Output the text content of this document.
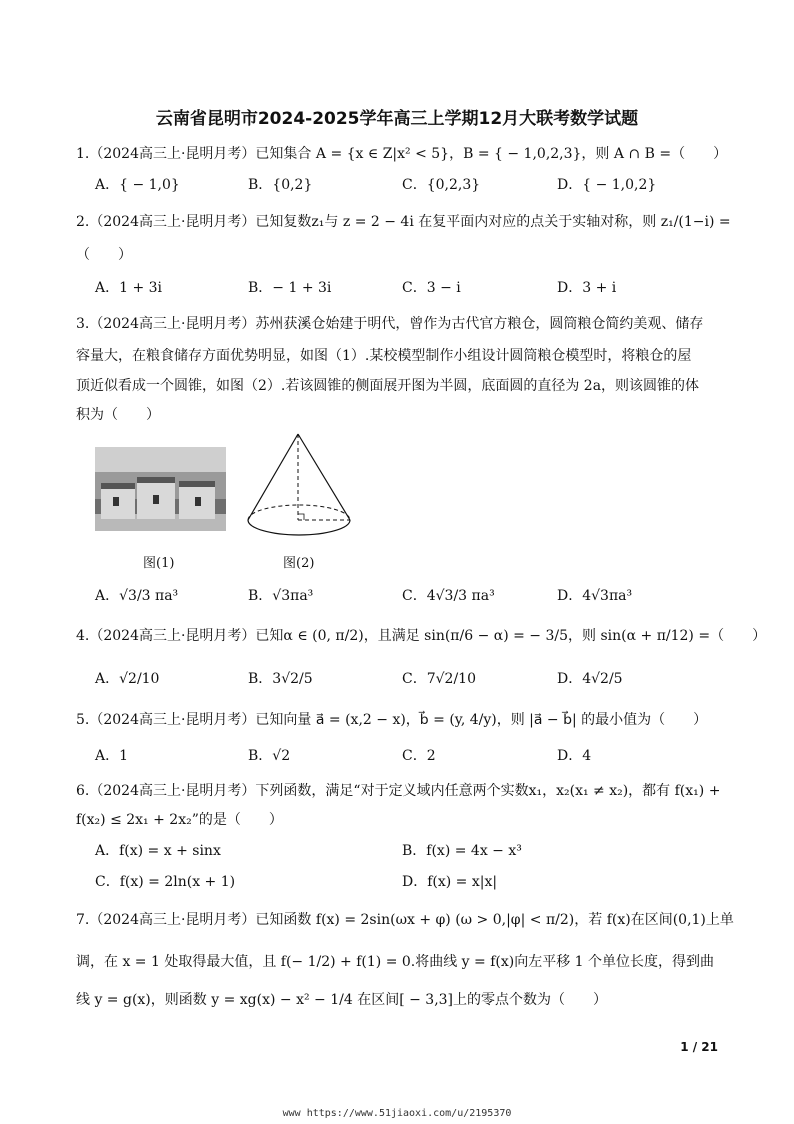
云南省昆明市2024-2025学年高三上学期12月大联考数学试题
1.（2024高三上·昆明月考）已知集合 A = {x ∈ Z|x² < 5}，B = { − 1,0,2,3}，则 A ∩ B =（　　）
A．{ − 1,0}	B．{0,2}	C．{0,2,3}	D．{ − 1,0,2}
2.（2024高三上·昆明月考）已知复数z₁与 z = 2 − 4i 在复平面内对应的点关于实轴对称，则 z₁/(1−i) =
（　　）
A．1 + 3i	B．− 1 + 3i	C．3 − i	D．3 + i
3.（2024高三上·昆明月考）苏州获溪仓始建于明代，曾作为古代官方粮仓，圆筒粮仓简约美观、储存
容量大，在粮食储存方面优势明显，如图（1）.某校模型制作小组设计圆筒粮仓模型时，将粮仓的屋
顶近似看成一个圆锥，如图（2）.若该圆锥的侧面展开图为半圆，底面圆的直径为 2a，则该圆锥的体
积为（　　）
图(1)	图(2)
A．√3/3 πa³	B．√3πa³	C．4√3/3 πa³	D．4√3πa³
4.（2024高三上·昆明月考）已知α ∈ (0, π/2)，且满足 sin(π/6 − α) = − 3/5，则 sin(α + π/12) =（　　）
A．√2/10	B．3√2/5	C．7√2/10	D．4√2/5
5.（2024高三上·昆明月考）已知向量 a⃗ = (x,2 − x)，b⃗ = (y, 4/y)，则 |a⃗ − b⃗| 的最小值为（　　）
A．1	B．√2	C．2	D．4
6.（2024高三上·昆明月考）下列函数，满足“对于定义域内任意两个实数x₁，x₂(x₁ ≠ x₂)，都有 f(x₁) +
f(x₂) ≤ 2x₁ + 2x₂”的是（　　）
A．f(x) = x + sinx	B．f(x) = 4x − x³
C．f(x) = 2ln(x + 1)	D．f(x) = x|x|
7.（2024高三上·昆明月考）已知函数 f(x) = 2sin(ωx + φ) (ω > 0,|φ| < π/2)，若 f(x)在区间(0,1)上单
调，在 x = 1 处取得最大值，且 f(− 1/2) + f(1) = 0.将曲线 y = f(x)向左平移 1 个单位长度，得到曲
线 y = g(x)，则函数 y = xg(x) − x² − 1/4 在区间[ − 3,3]上的零点个数为（　　）
1 / 21
www https://www.51jiaoxi.com/u/2195370
